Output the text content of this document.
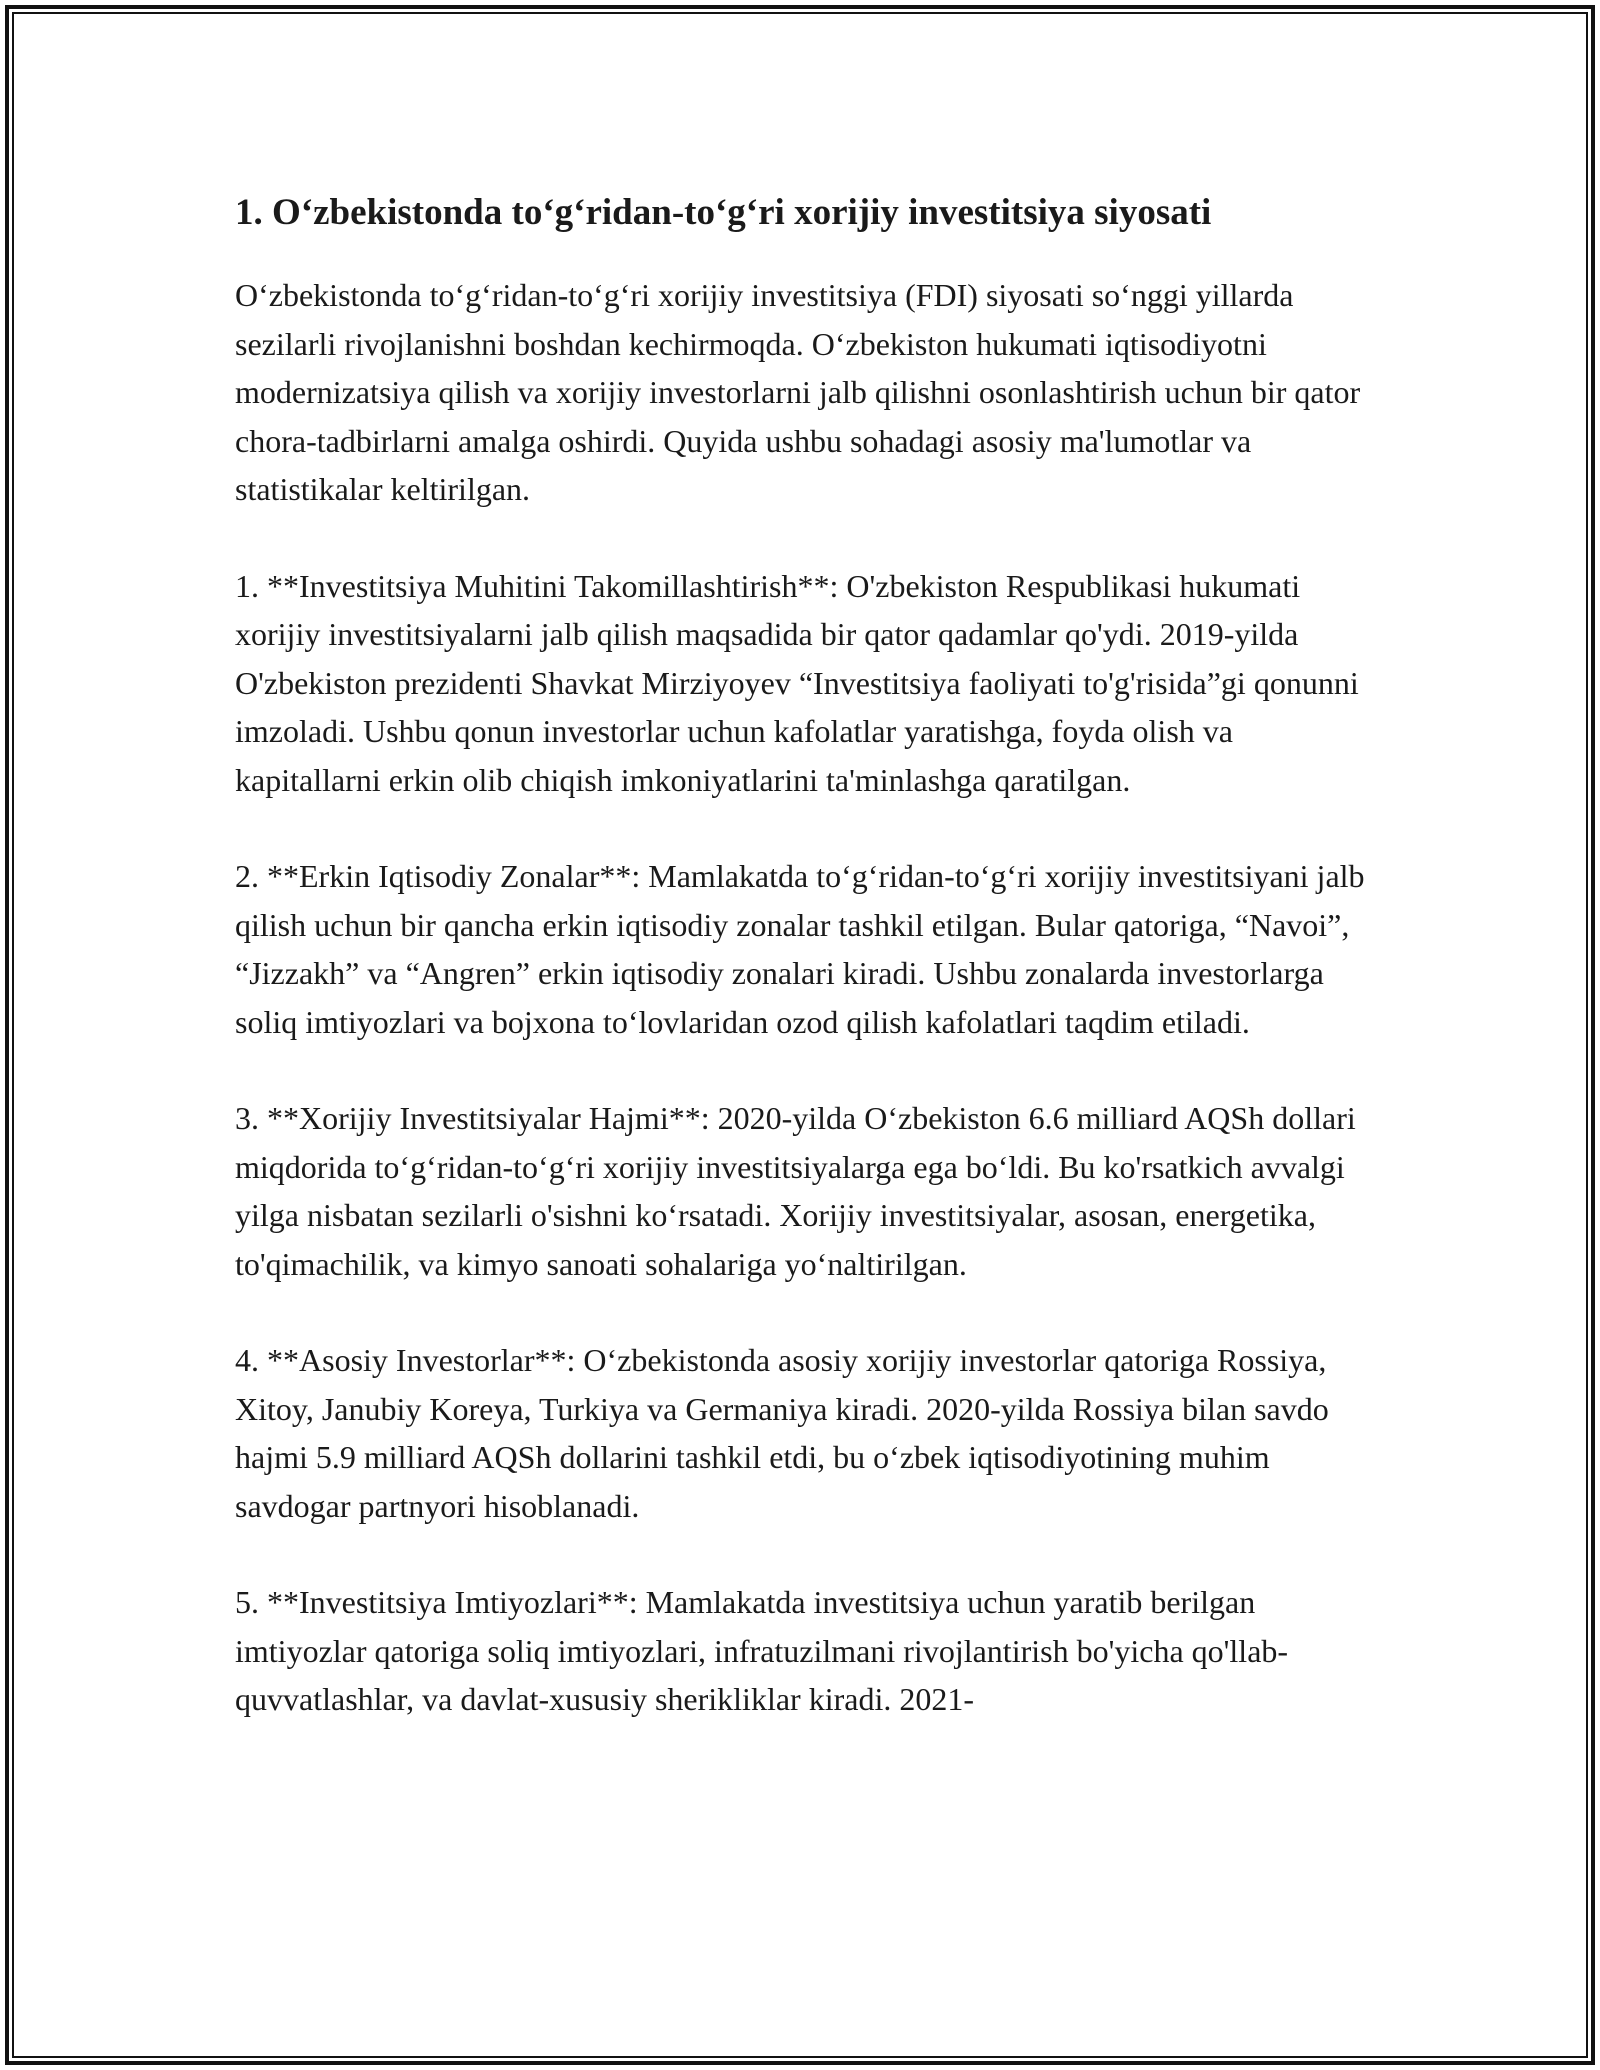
1. O‘zbekistonda to‘g‘ridan-to‘g‘ri xorijiy investitsiya siyosati

O‘zbekistonda to‘g‘ridan-to‘g‘ri xorijiy investitsiya (FDI) siyosati so‘nggi yillarda sezilarli rivojlanishni boshdan kechirmoqda. O‘zbekiston hukumati iqtisodiyotni modernizatsiya qilish va xorijiy investorlarni jalb qilishni osonlashtirish uchun bir qator chora-tadbirlarni amalga oshirdi. Quyida ushbu sohadagi asosiy ma'lumotlar va statistikalar keltirilgan.

1. **Investitsiya Muhitini Takomillashtirish**: O'zbekiston Respublikasi hukumati xorijiy investitsiyalarni jalb qilish maqsadida bir qator qadamlar qo'ydi. 2019-yilda O'zbekiston prezidenti Shavkat Mirziyoyev “Investitsiya faoliyati to'g'risida”gi qonunni imzoladi. Ushbu qonun investorlar uchun kafolatlar yaratishga, foyda olish va kapitallarni erkin olib chiqish imkoniyatlarini ta'minlashga qaratilgan.

2. **Erkin Iqtisodiy Zonalar**: Mamlakatda to‘g‘ridan-to‘g‘ri xorijiy investitsiyani jalb qilish uchun bir qancha erkin iqtisodiy zonalar tashkil etilgan. Bular qatoriga, “Navoi”, “Jizzakh” va “Angren” erkin iqtisodiy zonalari kiradi. Ushbu zonalarda investorlarga soliq imtiyozlari va bojxona to‘lovlaridan ozod qilish kafolatlari taqdim etiladi.

3. **Xorijiy Investitsiyalar Hajmi**: 2020-yilda O‘zbekiston 6.6 milliard AQSh dollari miqdorida to‘g‘ridan-to‘g‘ri xorijiy investitsiyalarga ega bo‘ldi. Bu ko'rsatkich avvalgi yilga nisbatan sezilarli o'sishni ko‘rsatadi. Xorijiy investitsiyalar, asosan, energetika, to'qimachilik, va kimyo sanoati sohalariga yo‘naltirilgan.

4. **Asosiy Investorlar**: O‘zbekistonda asosiy xorijiy investorlar qatoriga Rossiya, Xitoy, Janubiy Koreya, Turkiya va Germaniya kiradi. 2020-yilda Rossiya bilan savdo hajmi 5.9 milliard AQSh dollarini tashkil etdi, bu o‘zbek iqtisodiyotining muhim savdogar partnyori hisoblanadi.

5. **Investitsiya Imtiyozlari**: Mamlakatda investitsiya uchun yaratib berilgan imtiyozlar qatoriga soliq imtiyozlari, infratuzilmani rivojlantirish bo'yicha qo'llab-quvvatlashlar, va davlat-xususiy sherikliklar kiradi. 2021-
